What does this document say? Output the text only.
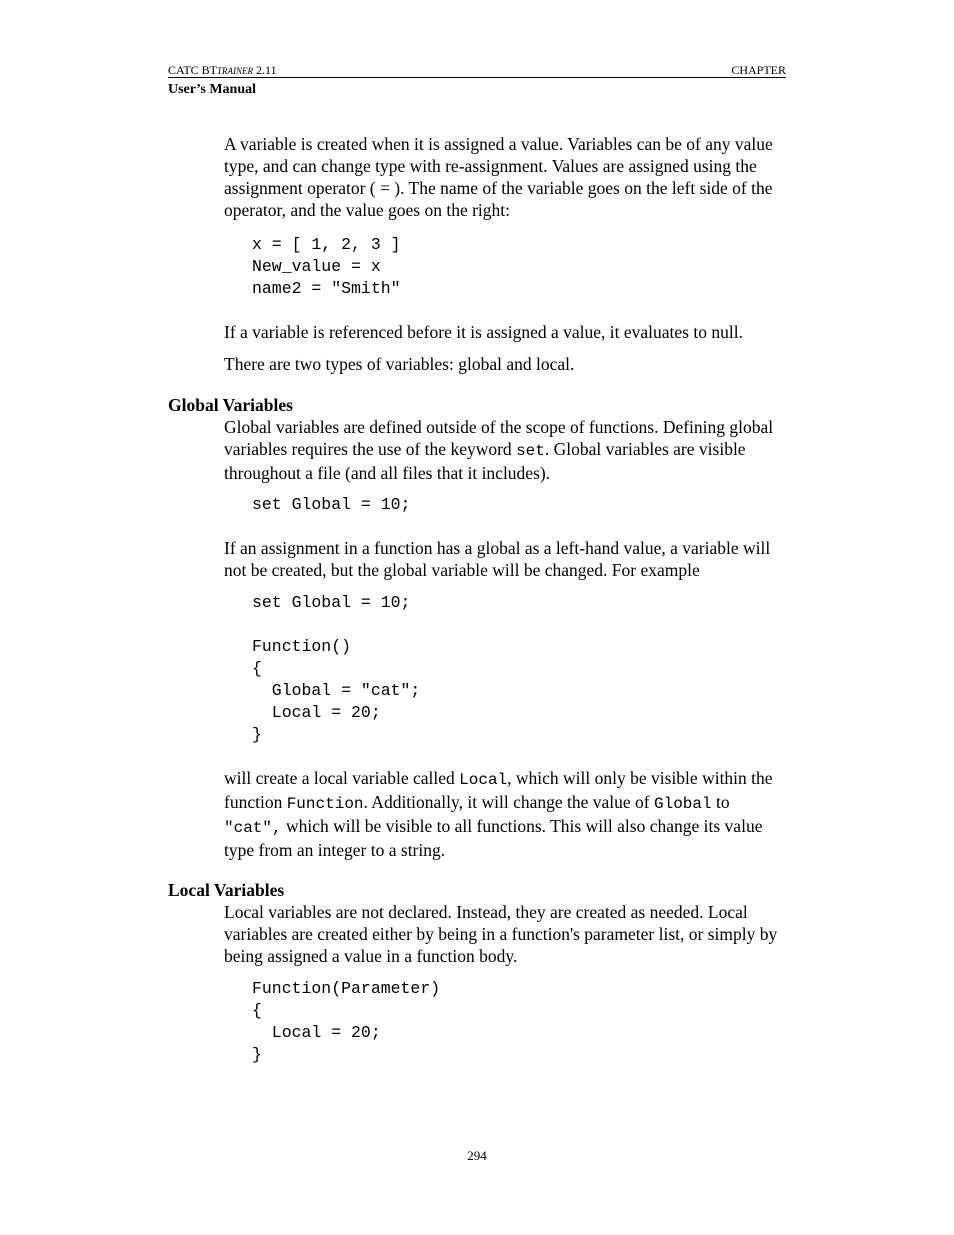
CATC BTTRAINER 2.11
User’s Manual
CHAPTER

A variable is created when it is assigned a value. Variables can be of any value type, and can change type with re-assignment. Values are assigned using the assignment operator ( = ). The name of the variable goes on the left side of the operator, and the value goes on the right:

x = [ 1, 2, 3 ]
New_value = x
name2 = "Smith"

If a variable is referenced before it is assigned a value, it evaluates to null.

There are two types of variables: global and local.

Global Variables

Global variables are defined outside of the scope of functions. Defining global variables requires the use of the keyword set. Global variables are visible throughout a file (and all files that it includes).

set Global = 10;

If an assignment in a function has a global as a left-hand value, a variable will not be created, but the global variable will be changed. For example

set Global = 10;

Function()
{
Global = "cat";
Local = 20;
}

will create a local variable called Local, which will only be visible within the function Function. Additionally, it will change the value of Global to "cat", which will be visible to all functions. This will also change its value type from an integer to a string.

Local Variables

Local variables are not declared. Instead, they are created as needed. Local variables are created either by being in a function's parameter list, or simply by being assigned a value in a function body.

Function(Parameter)
{
Local = 20;
}
294
